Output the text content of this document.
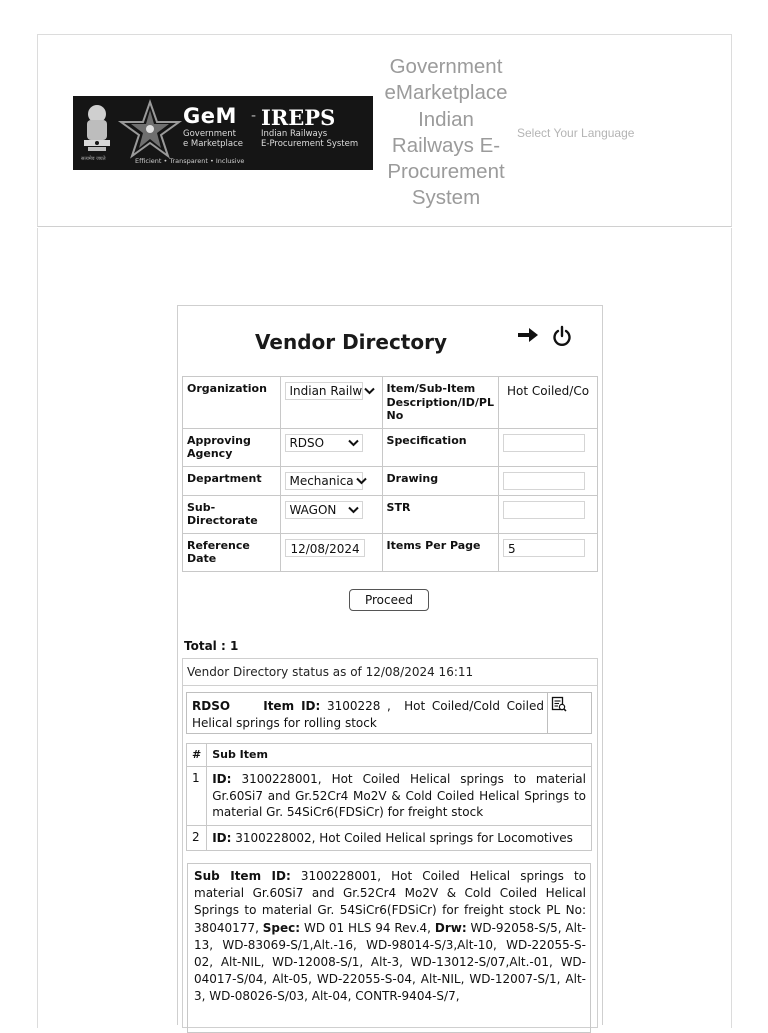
सत्यमेव जयते
GeM
Government
e Marketplace
- IREPS
Indian Railways
E-Procurement System
Efficient • Transparent • Inclusive
Government
eMarketplace
Indian
Railways E-
Procurement
System
Select Your Language
Vendor Directory
Organization	Indian Railw	Item/Sub-Item Description/ID/PL No	Hot Coiled/Co

Approving Agency	RDSO	Specification	

Department	Mechanica	Drawing	

Sub-Directorate	WAGON	STR	

Reference Date	12/08/2024	Items Per Page	5
Proceed
Total : 1
Vendor Directory status as of 12/08/2024 16:11
RDSO	Item ID: 3100228 , Hot Coiled/Cold Coiled Helical springs for rolling stock
#	Sub Item
1	ID: 3100228001, Hot Coiled Helical springs to material Gr.60Si7 and Gr.52Cr4 Mo2V & Cold Coiled Helical Springs to material Gr. 54SiCr6(FDSiCr) for freight stock
2	ID: 3100228002, Hot Coiled Helical springs for Locomotives
Sub Item ID: 3100228001, Hot Coiled Helical springs to material Gr.60Si7 and Gr.52Cr4 Mo2V & Cold Coiled Helical Springs to material Gr. 54SiCr6(FDSiCr) for freight stock PL No: 38040177, Spec: WD 01 HLS 94 Rev.4, Drw: WD-92058-S/5, Alt-13, WD-83069-S/1,Alt.-16, WD-98014-S/3,Alt-10, WD-22055-S-02, Alt-NIL, WD-12008-S/1, Alt-3, WD-13012-S/07,Alt.-01, WD-04017-S/04, Alt-05, WD-22055-S-04, Alt-NIL, WD-12007-S/1, Alt-3, WD-08026-S/03, Alt-04, CONTR-9404-S/7,
